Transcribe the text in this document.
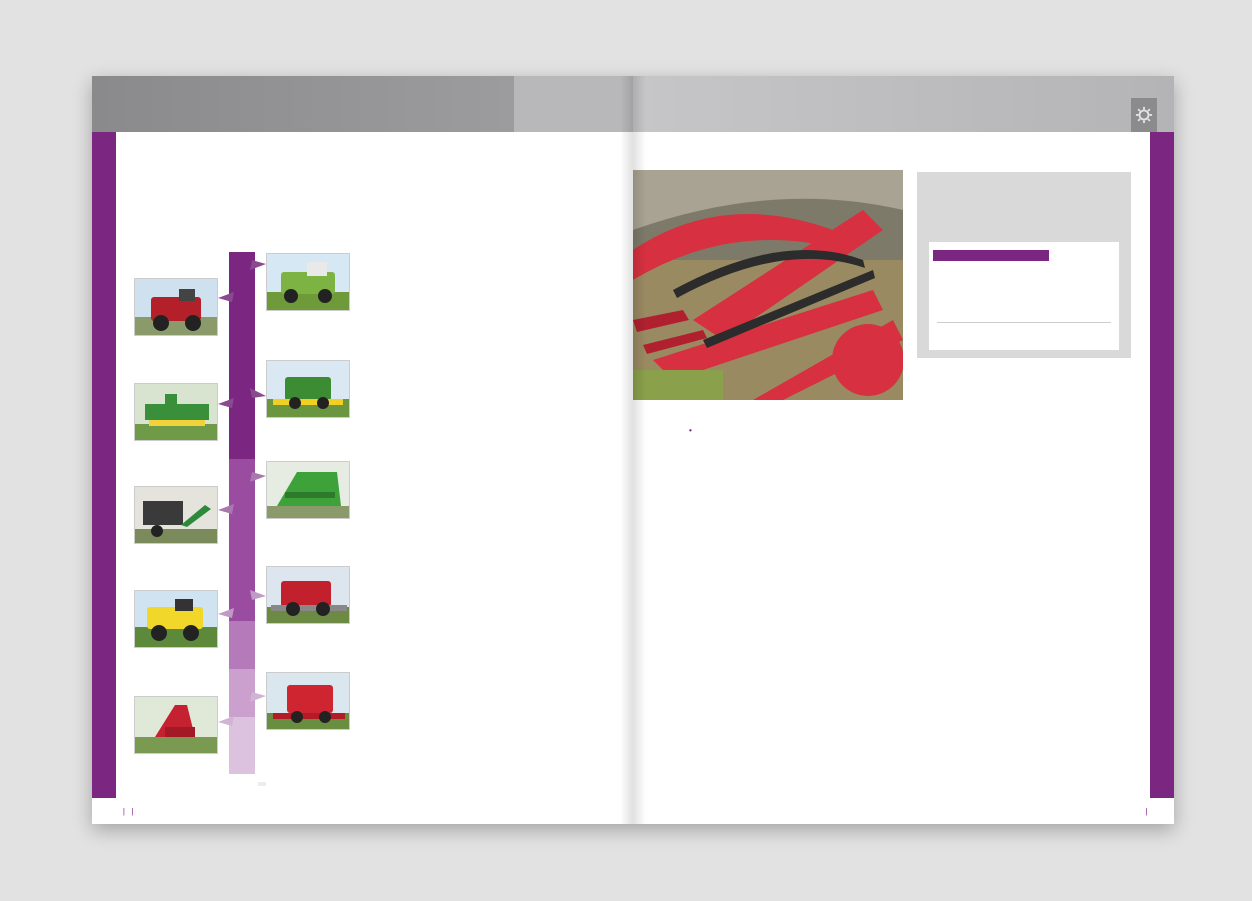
|   |

•

|
